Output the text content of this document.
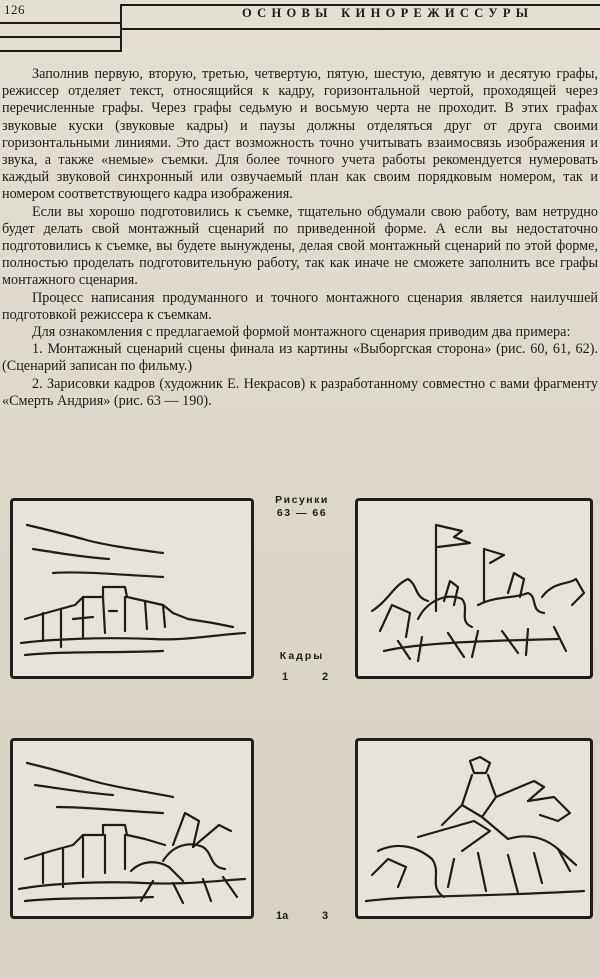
126	ОСНОВЫ КИНОРЕЖИССУРЫ

Заполнив первую, вторую, третью, четвертую, пятую, шестую, девятую и десятую графы, режиссер отделяет текст, относящийся к кадру, горизонтальной чертой, проходящей через перечисленные графы. Через графы седьмую и восьмую черта не проходит. В этих графах звуковые куски (звуковые кадры) и паузы должны отделяться друг от друга своими горизонтальными линиями. Это даст возможность точно учитывать взаимосвязь изображения и звука, а также «немые» съемки. Для более точного учета работы рекомендуется нумеровать каждый звуковой синхронный или озвучаемый план как своим порядковым номером, так и номером соответствующего кадра изображения.

Если вы хорошо подготовились к съемке, тщательно обдумали свою работу, вам нетрудно будет делать свой монтажный сценарий по приведенной форме. А если вы недостаточно подготовились к съемке, вы будете вынуждены, делая свой монтажный сценарий по этой форме, полностью проделать подготовительную работу, так как иначе не сможете заполнить все графы монтажного сценария.

Процесс написания продуманного и точного монтажного сценария является наилучшей подготовкой режиссера к съемкам.

Для ознакомления с предлагаемой формой монтажного сценария приводим два примера:

1. Монтажный сценарий сцены финала из картины «Выборгская сторона» (рис. 60, 61, 62). (Сценарий записан по фильму.)

2. Зарисовки кадров (художник Е. Некрасов) к разработанному совместно с вами фрагменту «Смерть Андрия» (рис. 63 — 190).

Рисунки
63 — 66
Кадры
1	2
1а	3
